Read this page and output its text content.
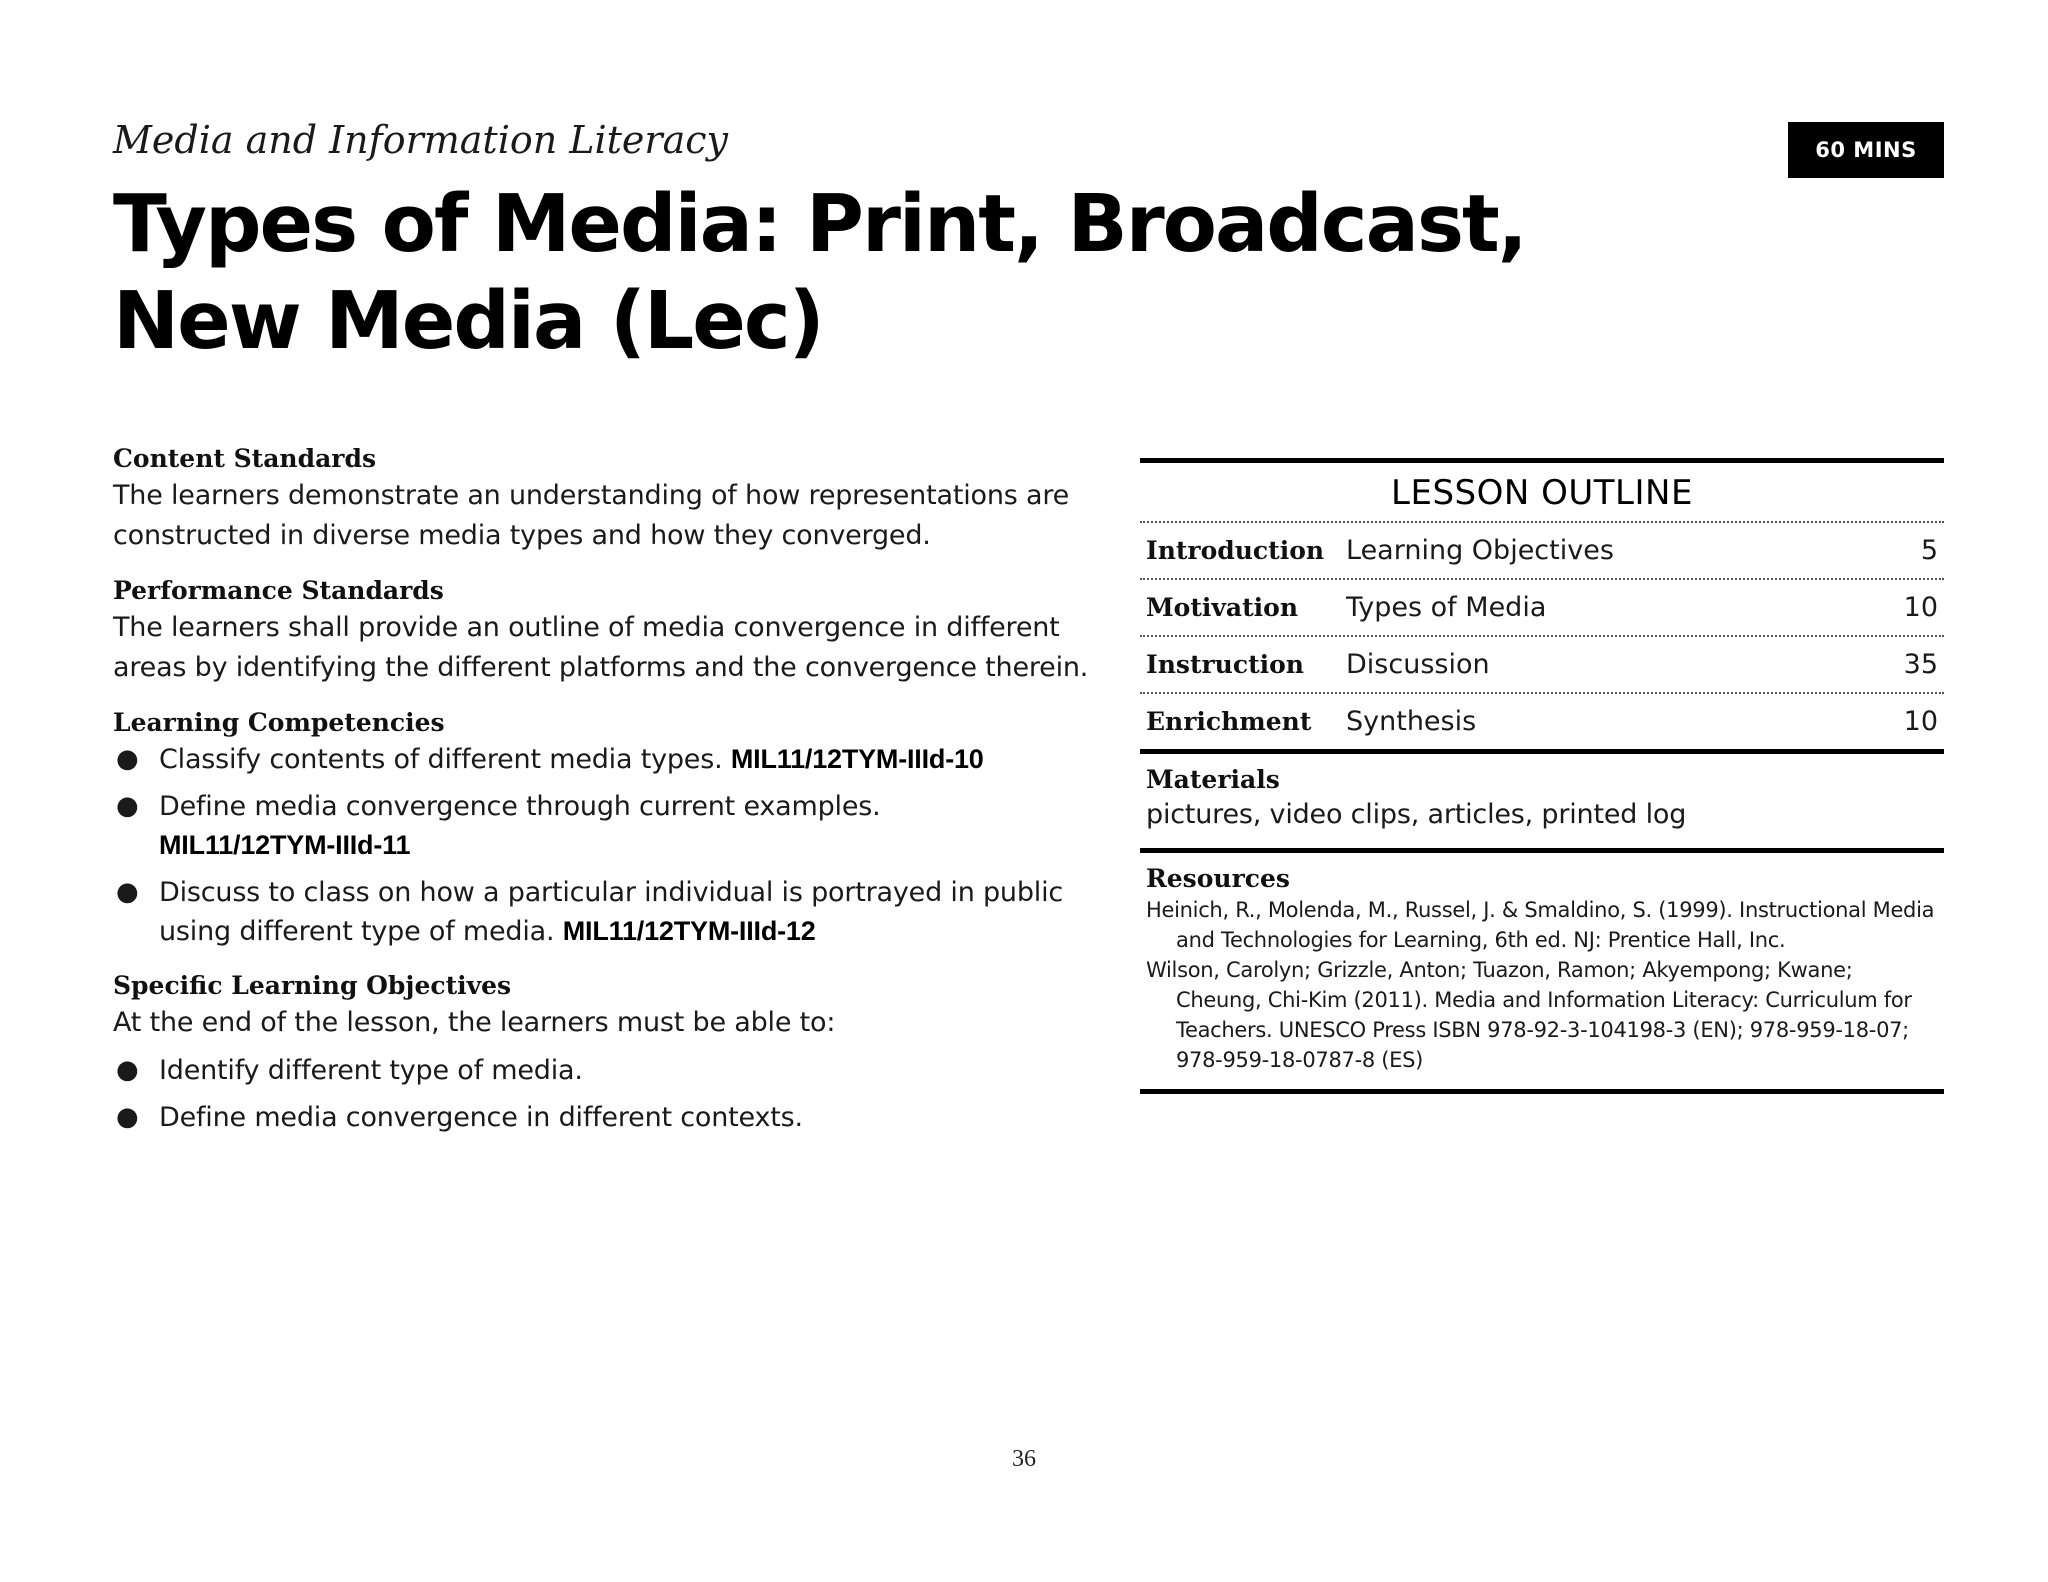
Media and Information Literacy	60 MINS
Types of Media: Print, Broadcast, New Media (Lec)

Content Standards

The learners demonstrate an understanding of how representations are constructed in diverse media types and how they converged.

Performance Standards

The learners shall provide an outline of media convergence in different areas by identifying the different platforms and the convergence therein.

Learning Competencies

● Classify contents of different media types. MIL11/12TYM-IIId-10
● Define media convergence through current examples.
MIL11/12TYM-IIId-11
● Discuss to class on how a particular individual is portrayed in public using different type of media. MIL11/12TYM-IIId-12

Specific Learning Objectives

At the end of the lesson, the learners must be able to:

● Identify different type of media.
● Define media convergence in different contexts.
LESSON OUTLINE
Introduction Learning Objectives	5
Motivation	Types of Media	10
Instruction	Discussion	35
Enrichment	Synthesis	10

Materials

pictures, video clips, articles, printed log

Resources

Heinich, R., Molenda, M., Russel, J. & Smaldino, S. (1999). Instructional Media and Technologies for Learning, 6th ed. NJ: Prentice Hall, Inc.

Wilson, Carolyn; Grizzle, Anton; Tuazon, Ramon; Akyempong; Kwane; Cheung, Chi-Kim (2011). Media and Information Literacy: Curriculum for Teachers. UNESCO Press ISBN 978-92-3-104198-3 (EN); 978-959-18-07; 978-959-18-0787-8 (ES)

36
